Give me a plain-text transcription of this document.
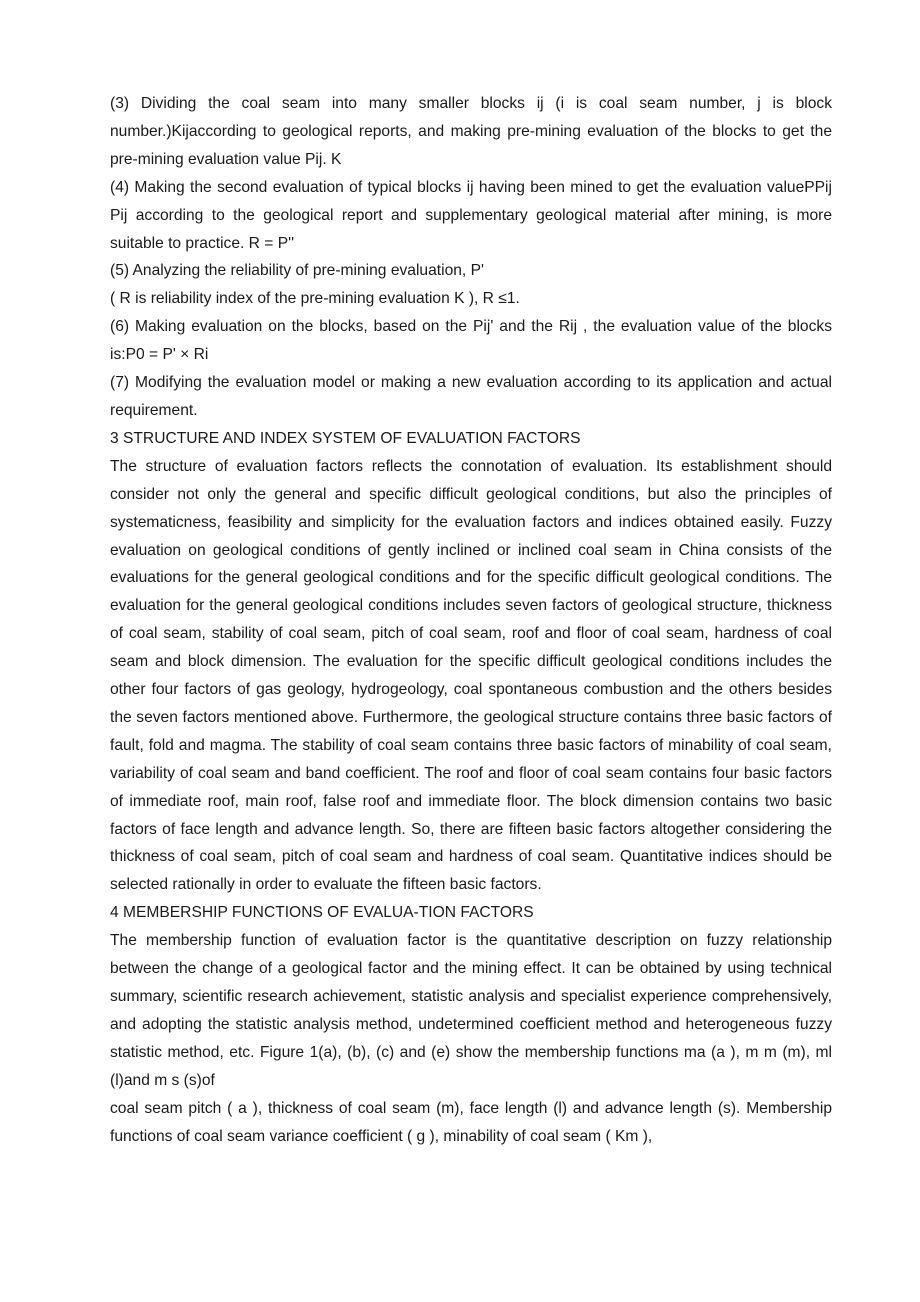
(3) Dividing the coal seam into many smaller blocks ij (i is coal seam number, j is block number.)Kijaccording to geological reports, and making pre-mining evaluation of the blocks to get the pre-mining evaluation value Pij. K

(4) Making the second evaluation of typical blocks ij having been mined to get the evaluation valuePPij Pij according to the geological report and supplementary geological material after mining, is more suitable to practice. R = P''

(5) Analyzing the reliability of pre-mining evaluation, P'

( R is reliability index of the pre-mining evaluation K ), R ≤1.

(6) Making evaluation on the blocks, based on the Pij' and the Rij , the evaluation value of the blocks is:P0 = P' × Ri

(7) Modifying the evaluation model or making a new evaluation according to its application and actual requirement.

3 STRUCTURE AND INDEX SYSTEM OF EVALUATION FACTORS

The structure of evaluation factors reflects the connotation of evaluation. Its establishment should consider not only the general and specific difficult geological conditions, but also the principles of systematicness, feasibility and simplicity for the evaluation factors and indices obtained easily. Fuzzy evaluation on geological conditions of gently inclined or inclined coal seam in China consists of the evaluations for the general geological conditions and for the specific difficult geological conditions. The evaluation for the general geological conditions includes seven factors of geological structure, thickness of coal seam, stability of coal seam, pitch of coal seam, roof and floor of coal seam, hardness of coal seam and block dimension. The evaluation for the specific difficult geological conditions includes the other four factors of gas geology, hydrogeology, coal spontaneous combustion and the others besides the seven factors mentioned above. Furthermore, the geological structure contains three basic factors of fault, fold and magma. The stability of coal seam contains three basic factors of minability of coal seam, variability of coal seam and band coefficient. The roof and floor of coal seam contains four basic factors of immediate roof, main roof, false roof and immediate floor. The block dimension contains two basic factors of face length and advance length. So, there are fifteen basic factors altogether considering the thickness of coal seam, pitch of coal seam and hardness of coal seam. Quantitative indices should be selected rationally in order to evaluate the fifteen basic factors.

4 MEMBERSHIP FUNCTIONS OF EVALUA-TION FACTORS

The membership function of evaluation factor is the quantitative description on fuzzy relationship between the change of a geological factor and the mining effect. It can be obtained by using technical summary, scientific research achievement, statistic analysis and specialist experience comprehensively, and adopting the statistic analysis method, undetermined coefficient method and heterogeneous fuzzy statistic method, etc. Figure 1(a), (b), (c) and (e) show the membership functions ma (a ), m m (m), ml (l)and m s (s)of

coal seam pitch ( a ), thickness of coal seam (m), face length (l) and advance length (s). Membership functions of coal seam variance coefficient ( g ), minability of coal seam ( Km ),
